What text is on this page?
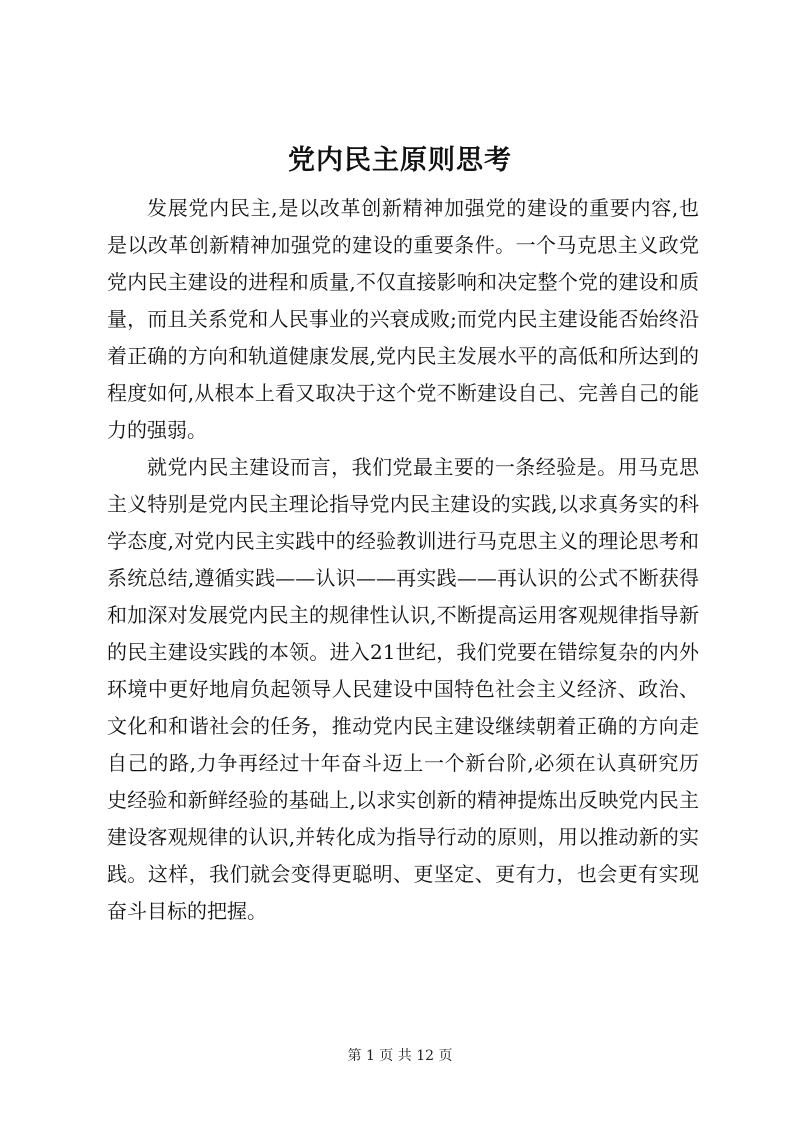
党内民主原则思考

发展党内民主,是以改革创新精神加强党的建设的重要内容,也是以改革创新精神加强党的建设的重要条件。一个马克思主义政党党内民主建设的进程和质量,不仅直接影响和决定整个党的建设和质量，而且关系党和人民事业的兴衰成败;而党内民主建设能否始终沿着正确的方向和轨道健康发展,党内民主发展水平的高低和所达到的程度如何,从根本上看又取决于这个党不断建设自己、完善自己的能力的强弱。

就党内民主建设而言，我们党最主要的一条经验是。用马克思主义特别是党内民主理论指导党内民主建设的实践,以求真务实的科学态度,对党内民主实践中的经验教训进行马克思主义的理论思考和系统总结,遵循实践——认识——再实践——再认识的公式不断获得和加深对发展党内民主的规律性认识,不断提高运用客观规律指导新的民主建设实践的本领。进入21世纪，我们党要在错综复杂的内外环境中更好地肩负起领导人民建设中国特色社会主义经济、政治、文化和和谐社会的任务，推动党内民主建设继续朝着正确的方向走自己的路,力争再经过十年奋斗迈上一个新台阶,必须在认真研究历史经验和新鲜经验的基础上,以求实创新的精神提炼出反映党内民主建设客观规律的认识,并转化成为指导行动的原则，用以推动新的实践。这样，我们就会变得更聪明、更坚定、更有力，也会更有实现奋斗目标的把握。

第 1 页 共 12 页
